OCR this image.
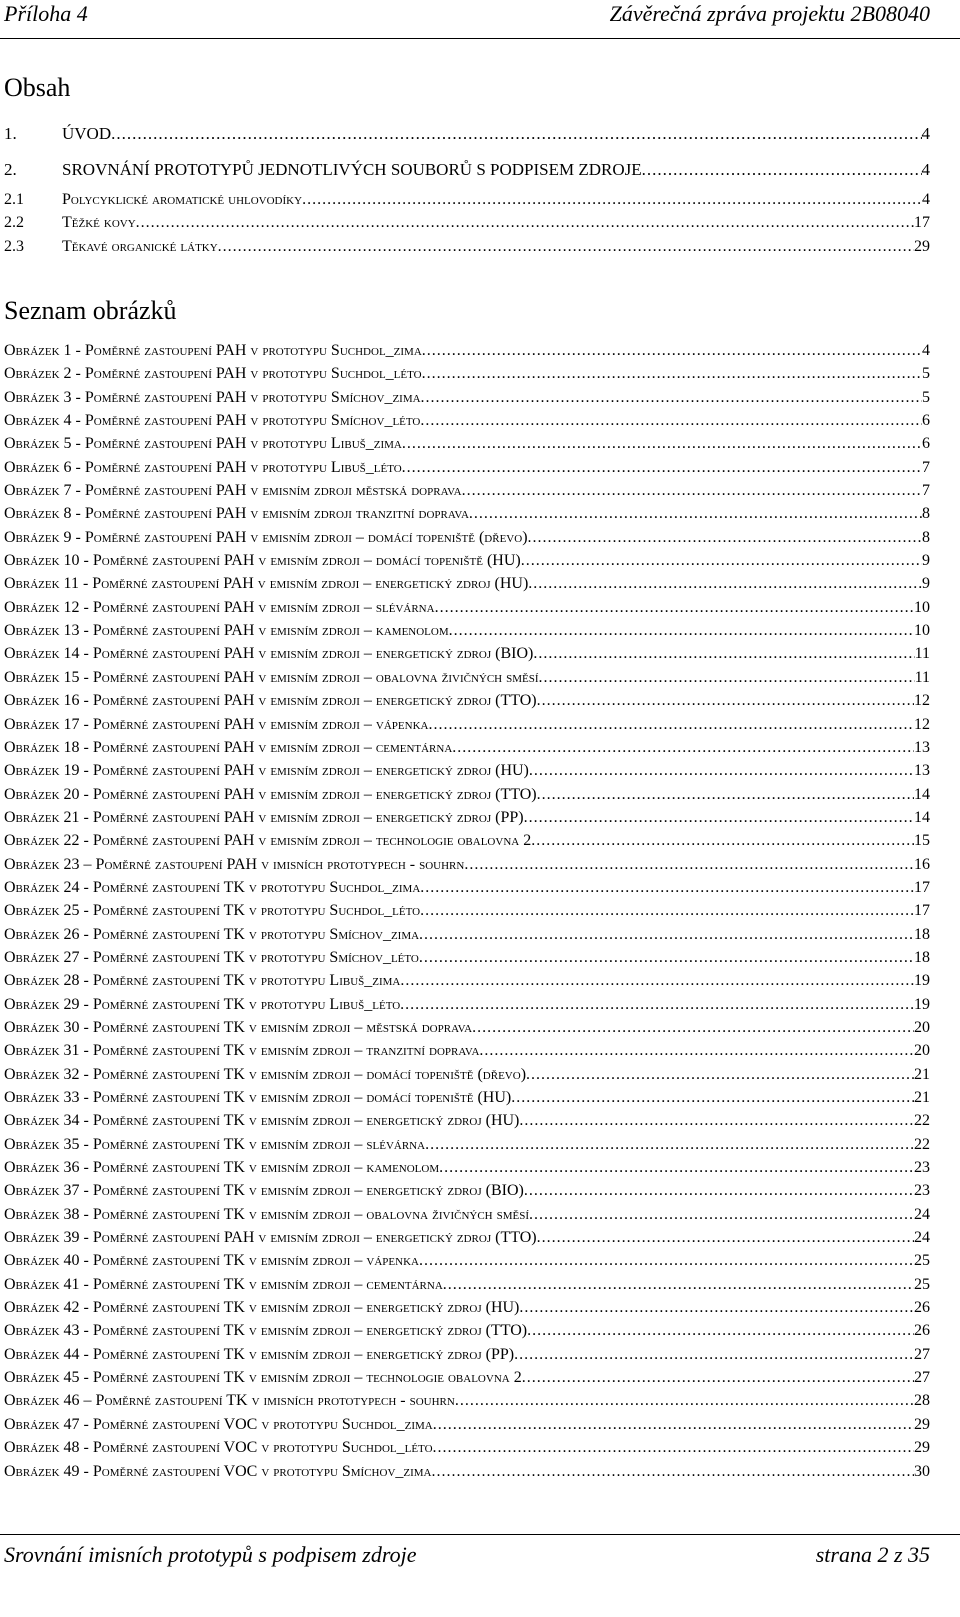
Příloha 4	Závěrečná zpráva projektu 2B08040
Obsah
1.	ÚVOD .....	4
2.	SROVNÁNÍ PROTOTYPŮ JEDNOTLIVÝCH SOUBORŮ S PODPISEM ZDROJE .....	4
2.1	Polycyklické aromatické uhlovodíky .....	4
2.2	Těžké kovy .....	17
2.3	Těkavé organické látky .....	29
Seznam obrázků
Obrázek 1 - Poměrné zastoupení PAH v prototypu Suchdol_zima .....	4
Obrázek 2 - Poměrné zastoupení PAH v prototypu Suchdol_léto .....	5
Obrázek 3 - Poměrné zastoupení PAH v prototypu Smíchov_zima .....	5
Obrázek 4 - Poměrné zastoupení PAH v prototypu Smíchov_léto .....	6
Obrázek 5 - Poměrné zastoupení PAH v prototypu Libuš_zima .....	6
Obrázek 6 - Poměrné zastoupení PAH v prototypu Libuš_léto .....	7
Obrázek 7 - Poměrné zastoupení PAH v emisním zdroji městská doprava .....	7
Obrázek 8 - Poměrné zastoupení PAH v emisním zdroji tranzitní doprava .....	8
Obrázek 9 - Poměrné zastoupení PAH v emisním zdroji – domácí topeniště (dřevo) .....	8
Obrázek 10 - Poměrné zastoupení PAH v emisním zdroji – domácí topeniště (HU) .....	9
Obrázek 11 - Poměrné zastoupení PAH v emisním zdroji – energetický zdroj (HU) .....	9
Obrázek 12 - Poměrné zastoupení PAH v emisním zdroji – slévárna .....	10
Obrázek 13 - Poměrné zastoupení PAH v emisním zdroji – kamenolom .....	10
Obrázek 14 - Poměrné zastoupení PAH v emisním zdroji – energetický zdroj (BIO) .....	11
Obrázek 15 - Poměrné zastoupení PAH v emisním zdroji – obalovna živičných směsí .....	11
Obrázek 16 - Poměrné zastoupení PAH v emisním zdroji – energetický zdroj (TTO) .....	12
Obrázek 17 - Poměrné zastoupení PAH v emisním zdroji – vápenka .....	12
Obrázek 18 - Poměrné zastoupení PAH v emisním zdroji – cementárna .....	13
Obrázek 19 - Poměrné zastoupení PAH v emisním zdroji – energetický zdroj (HU) .....	13
Obrázek 20 - Poměrné zastoupení PAH v emisním zdroji – energetický zdroj (TTO) .....	14
Obrázek 21 - Poměrné zastoupení PAH v emisním zdroji – energetický zdroj (PP) .....	14
Obrázek 22 - Poměrné zastoupení PAH v emisním zdroji – technologie obalovna 2 .....	15
Obrázek 23 – Poměrné zastoupení PAH v imisních prototypech - souhrn .....	16
Obrázek 24 - Poměrné zastoupení TK v prototypu Suchdol_zima .....	17
Obrázek 25 - Poměrné zastoupení TK v prototypu Suchdol_léto .....	17
Obrázek 26 - Poměrné zastoupení TK v prototypu Smíchov_zima .....	18
Obrázek 27 - Poměrné zastoupení TK v prototypu Smíchov_léto .....	18
Obrázek 28 - Poměrné zastoupení TK v prototypu Libuš_zima .....	19
Obrázek 29 - Poměrné zastoupení TK v prototypu Libuš_léto .....	19
Obrázek 30 - Poměrné zastoupení TK v emisním zdroji – městská doprava .....	20
Obrázek 31 - Poměrné zastoupení TK v emisním zdroji – tranzitní doprava .....	20
Obrázek 32 - Poměrné zastoupení TK v emisním zdroji – domácí topeniště (dřevo) .....	21
Obrázek 33 - Poměrné zastoupení TK v emisním zdroji – domácí topeniště (HU) .....	21
Obrázek 34 - Poměrné zastoupení TK v emisním zdroji – energetický zdroj (HU) .....	22
Obrázek 35 - Poměrné zastoupení TK v emisním zdroji – slévárna .....	22
Obrázek 36 - Poměrné zastoupení TK v emisním zdroji – kamenolom .....	23
Obrázek 37 - Poměrné zastoupení TK v emisním zdroji – energetický zdroj (BIO) .....	23
Obrázek 38 - Poměrné zastoupení TK v emisním zdroji – obalovna živičných směsí .....	24
Obrázek 39 - Poměrné zastoupení PAH v emisním zdroji – energetický zdroj (TTO) .....	24
Obrázek 40 - Poměrné zastoupení TK v emisním zdroji – vápenka .....	25
Obrázek 41 - Poměrné zastoupení TK v emisním zdroji – cementárna .....	25
Obrázek 42 - Poměrné zastoupení TK v emisním zdroji – energetický zdroj (HU) .....	26
Obrázek 43 - Poměrné zastoupení TK v emisním zdroji – energetický zdroj (TTO) .....	26
Obrázek 44 - Poměrné zastoupení TK v emisním zdroji – energetický zdroj (PP) .....	27
Obrázek 45 - Poměrné zastoupení TK v emisním zdroji – technologie obalovna 2 .....	27
Obrázek 46 – Poměrné zastoupení TK v imisních prototypech - souhrn .....	28
Obrázek 47 - Poměrné zastoupení VOC v prototypu Suchdol_zima .....	29
Obrázek 48 - Poměrné zastoupení VOC v prototypu Suchdol_léto .....	29
Obrázek 49 - Poměrné zastoupení VOC v prototypu Smíchov_zima .....	30
Srovnání imisních prototypů s podpisem zdroje	strana 2 z 35
